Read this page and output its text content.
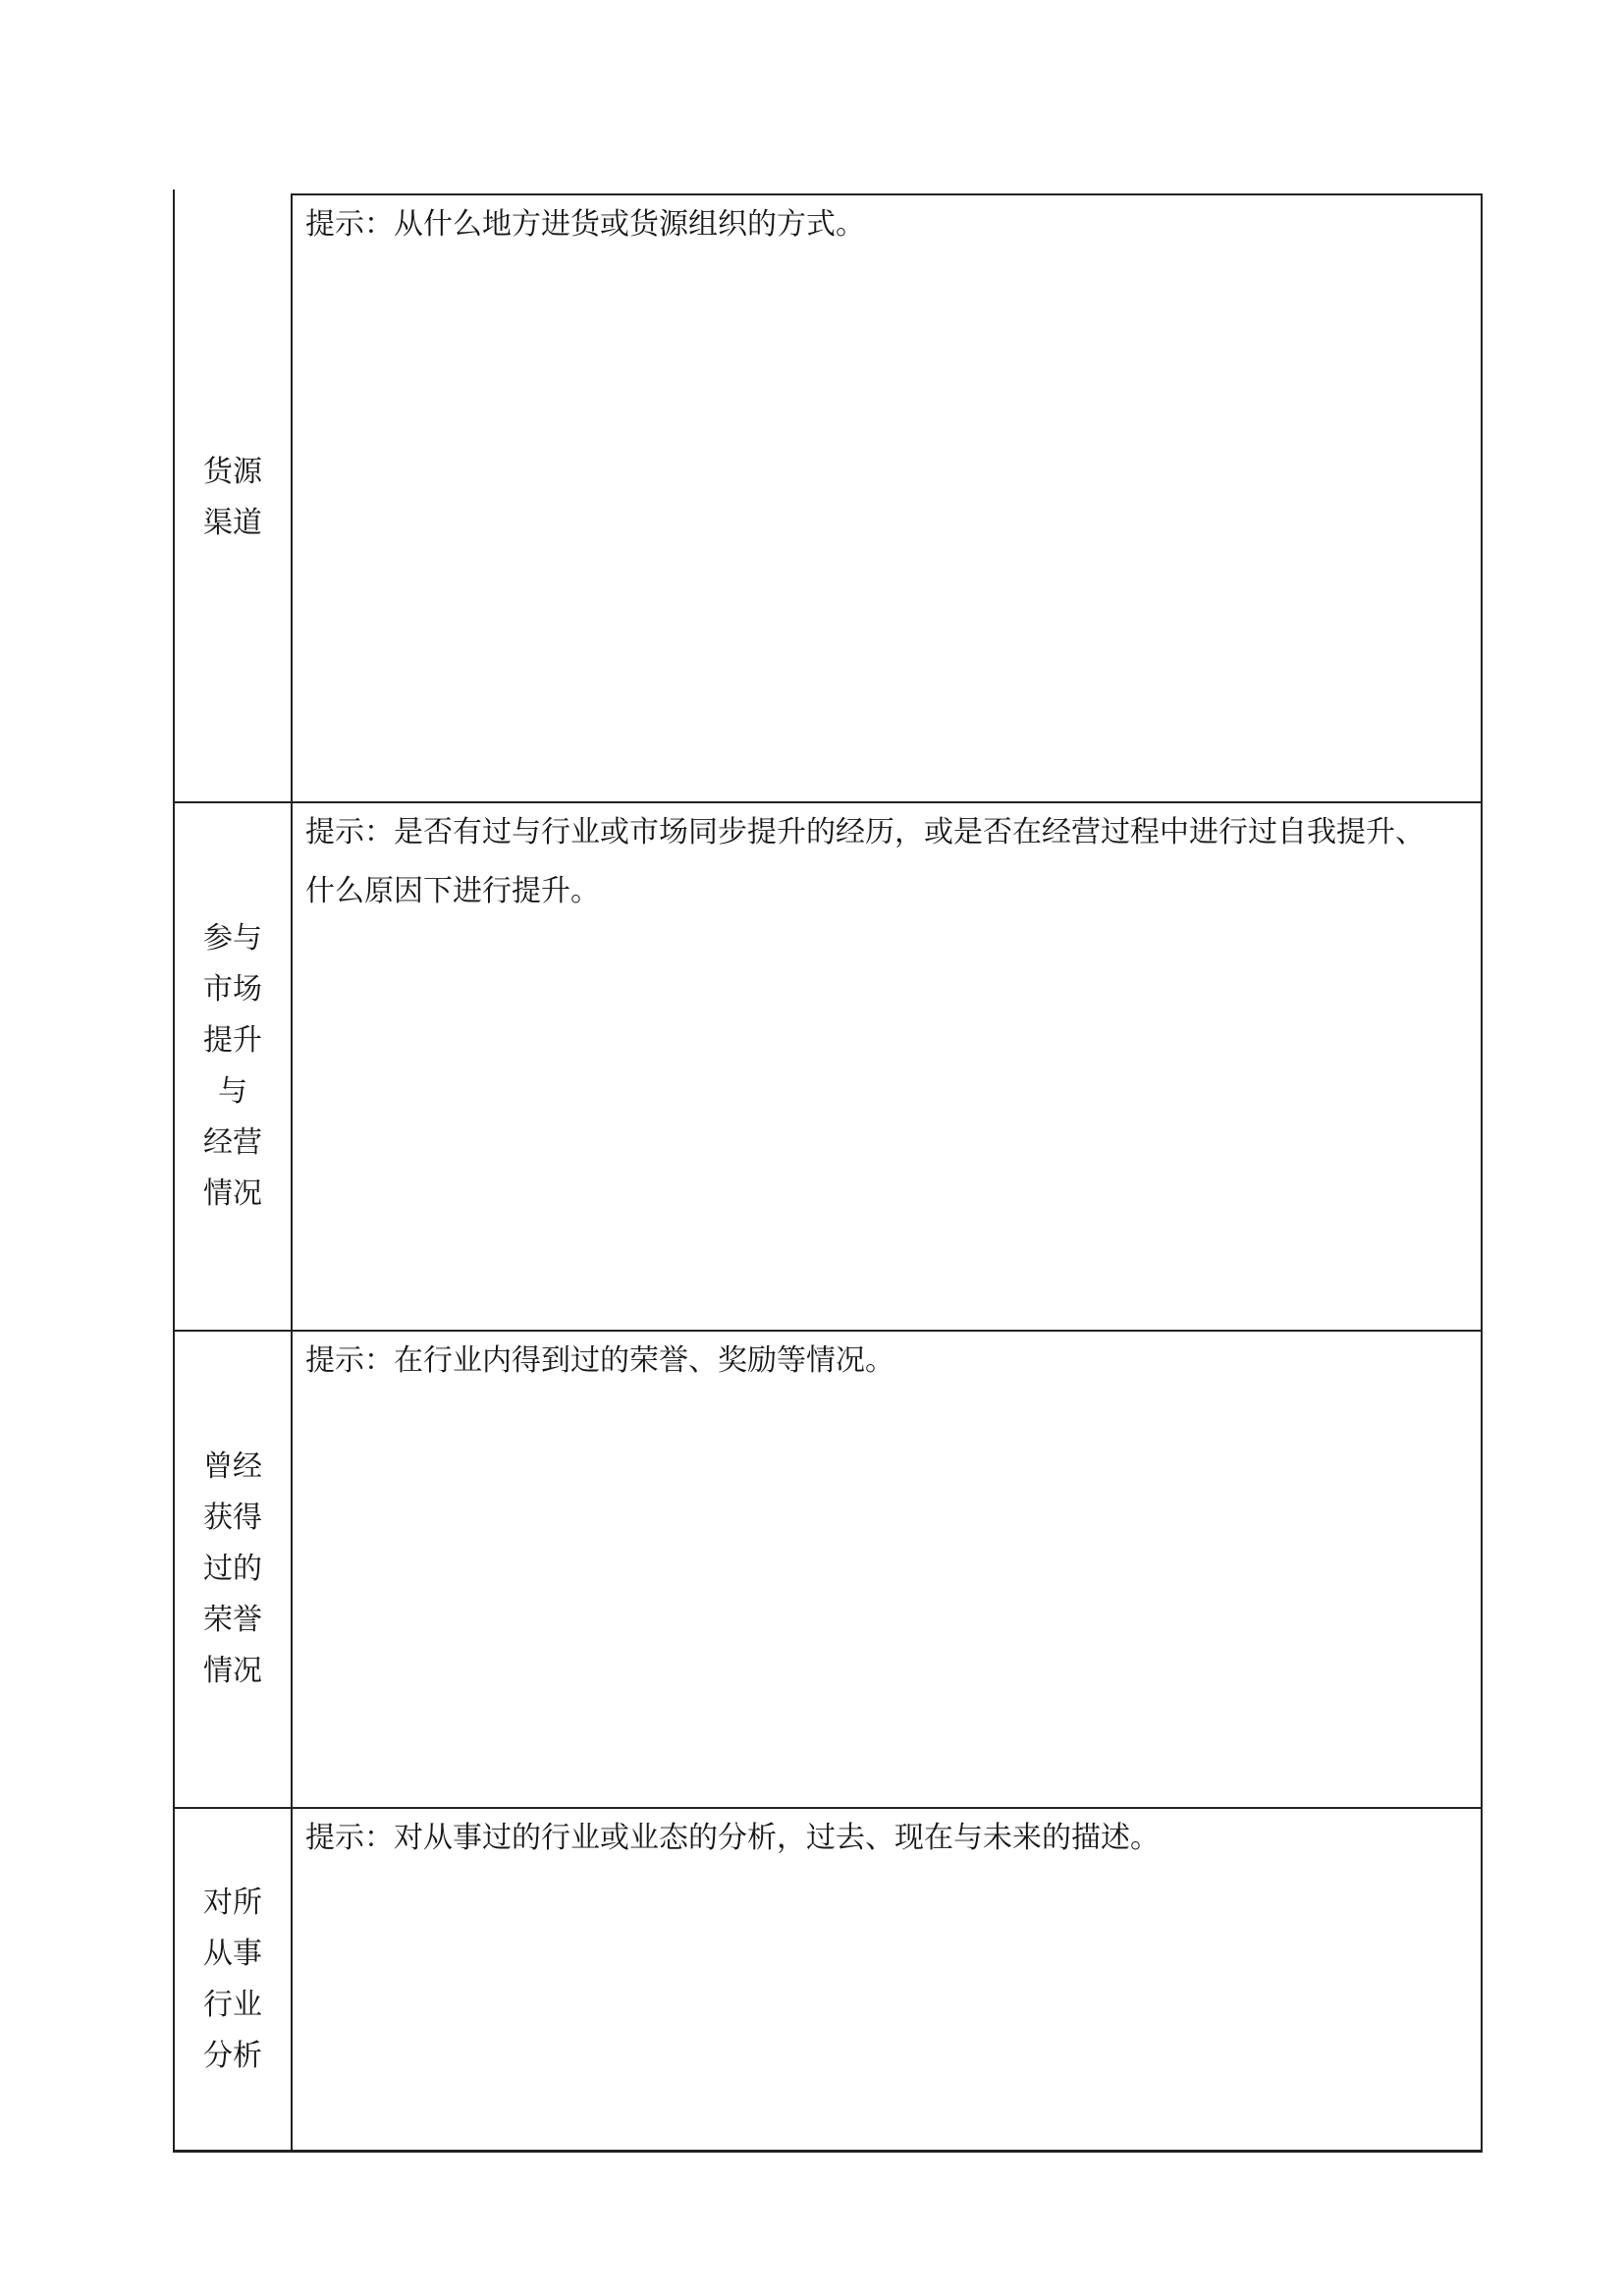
货源
渠道
提示：从什么地方进货或货源组织的方式。
参与
市场
提升
与
经营
情况
提示：是否有过与行业或市场同步提升的经历，或是否在经营过程中进行过自我提升、
什么原因下进行提升。
曾经
获得
过的
荣誉
情况
提示：在行业内得到过的荣誉、奖励等情况。
对所
从事
行业
分析
提示：对从事过的行业或业态的分析，过去、现在与未来的描述。
